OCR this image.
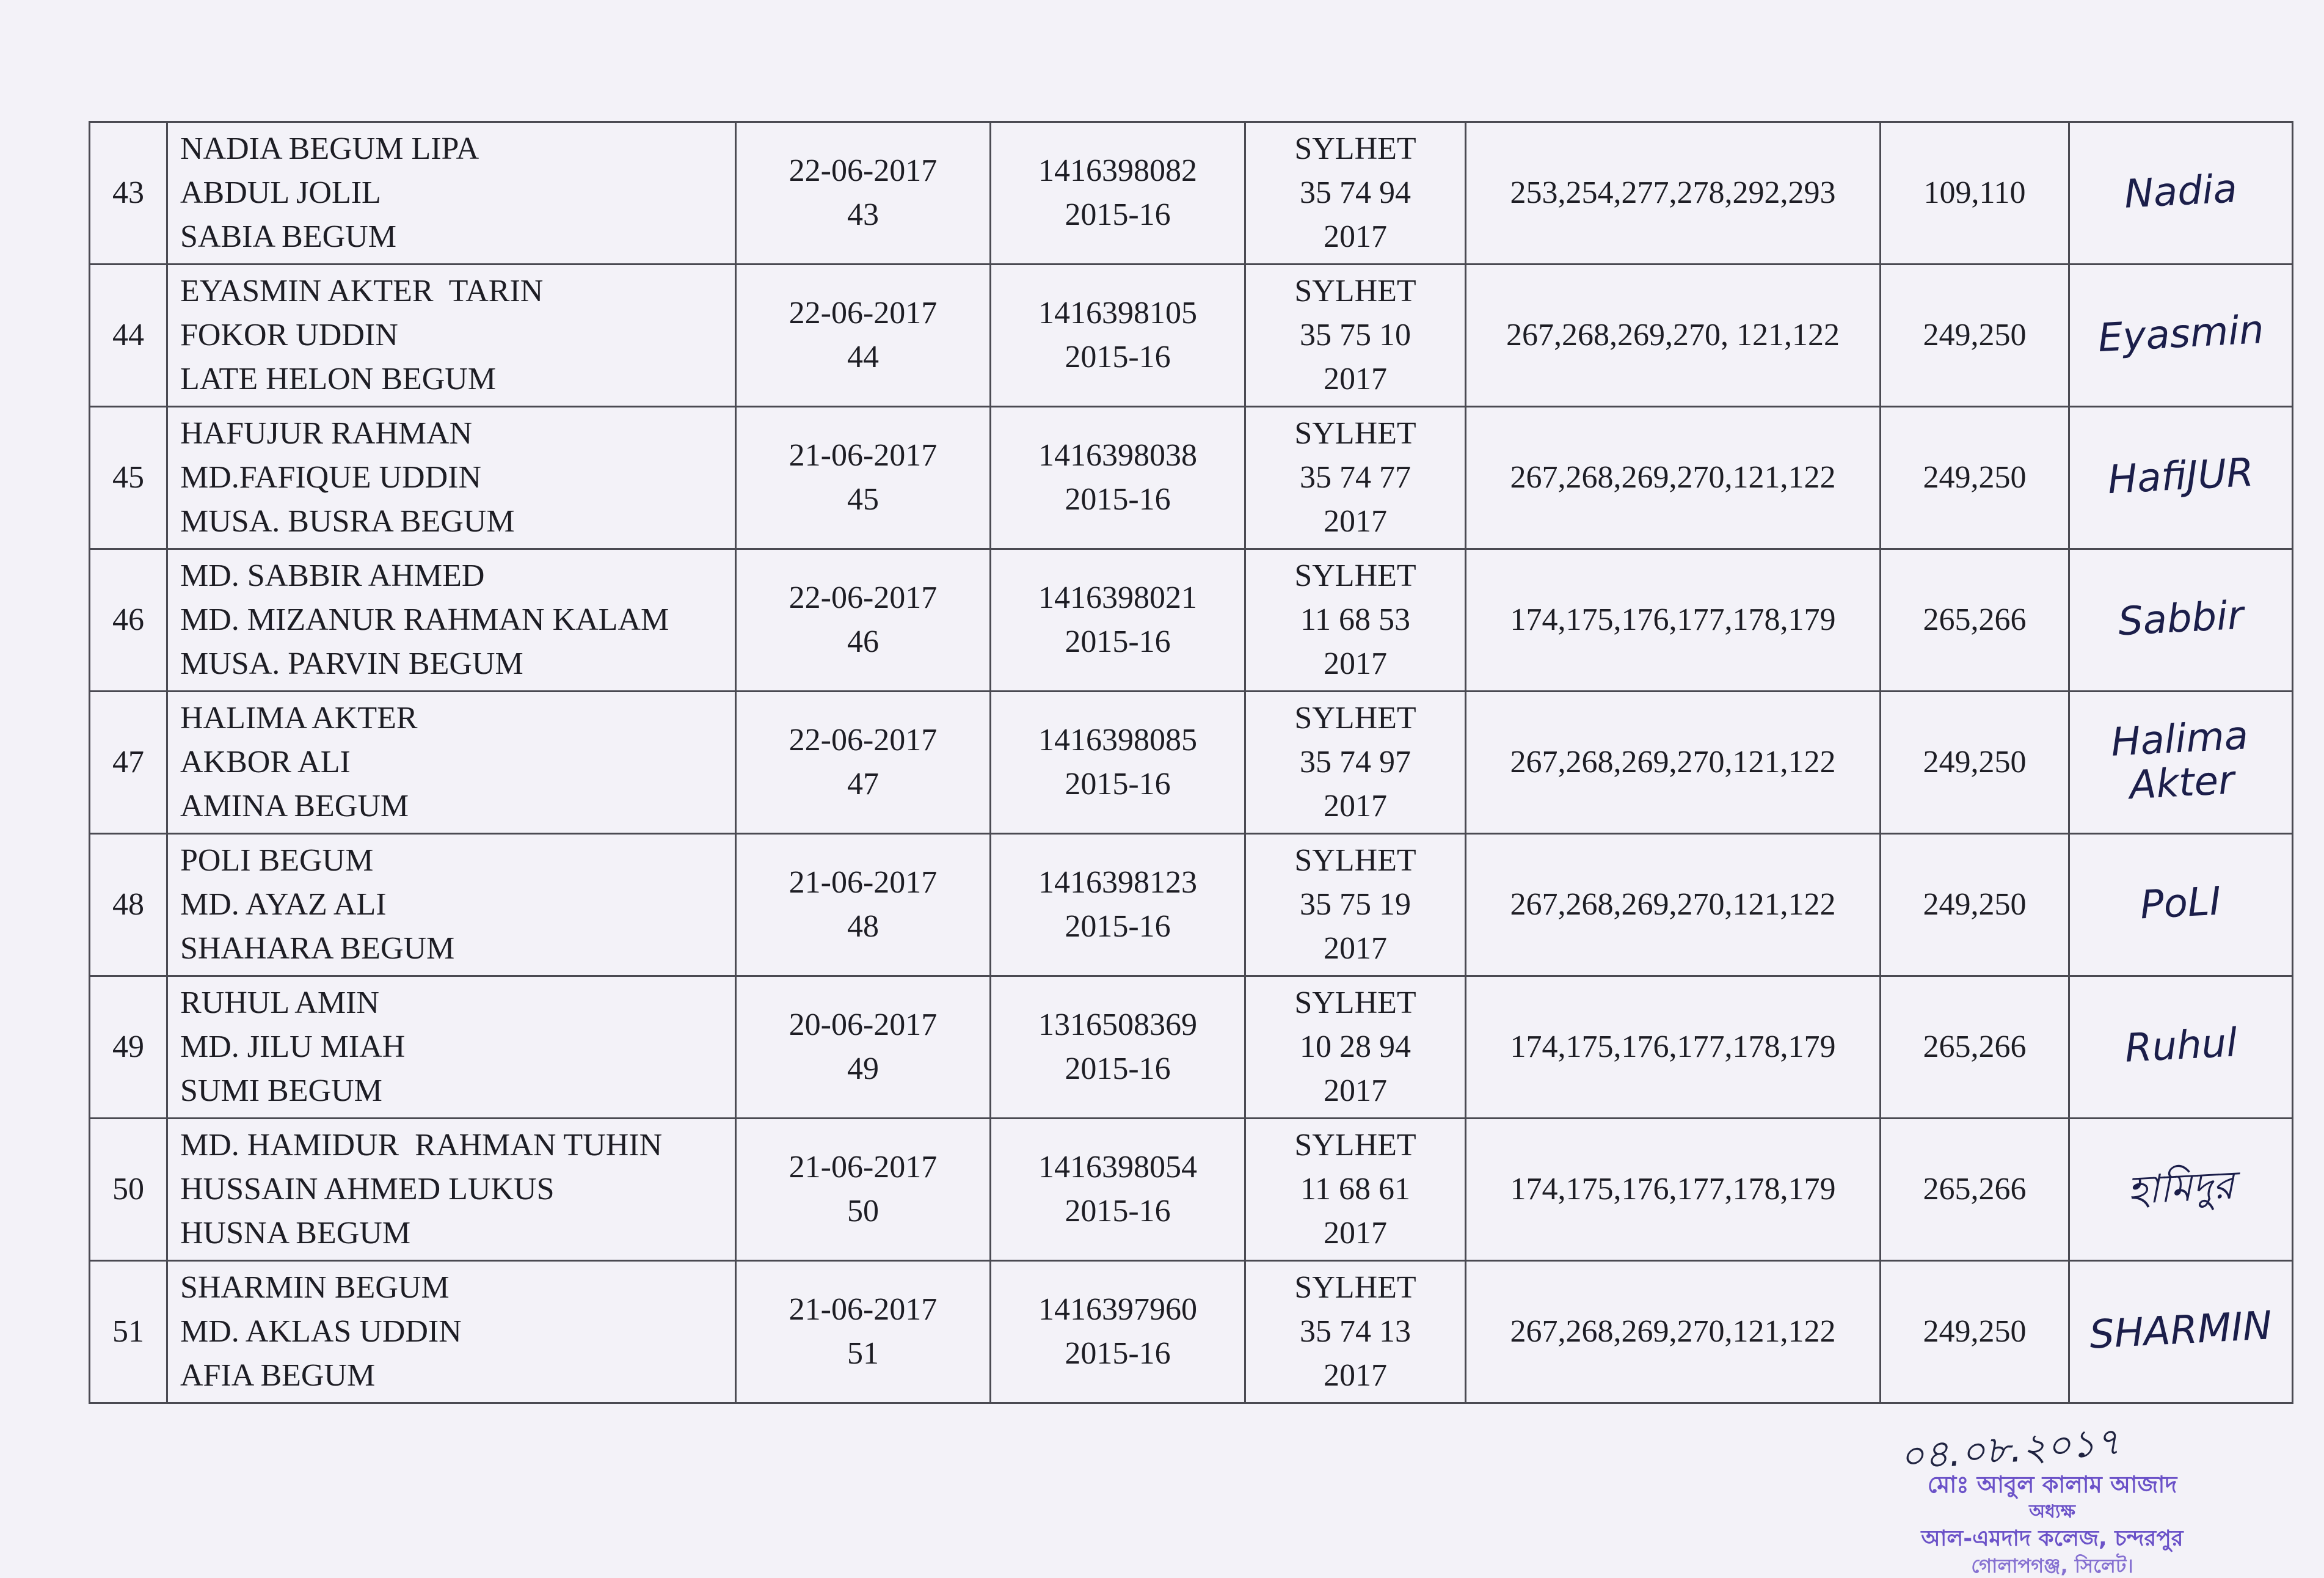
43	NADIA BEGUM LIPA
ABDUL JOLIL
SABIA BEGUM	22-06-2017
43	1416398082
2015-16	SYLHET
35 74 94
2017	253,254,277,278,292,293	109,110	Nadia

44	EYASMIN AKTER  TARIN
FOKOR UDDIN
LATE HELON BEGUM	22-06-2017
44	1416398105
2015-16	SYLHET
35 75 10
2017	267,268,269,270, 121,122	249,250	Eyasmin

45	HAFUJUR RAHMAN
MD.FAFIQUE UDDIN
MUSA. BUSRA BEGUM	21-06-2017
45	1416398038
2015-16	SYLHET
35 74 77
2017	267,268,269,270,121,122	249,250	HafiJUR

46	MD. SABBIR AHMED
MD. MIZANUR RAHMAN KALAM
MUSA. PARVIN BEGUM	22-06-2017
46	1416398021
2015-16	SYLHET
11 68 53
2017	174,175,176,177,178,179	265,266	Sabbir

47	HALIMA AKTER
AKBOR ALI
AMINA BEGUM	22-06-2017
47	1416398085
2015-16	SYLHET
35 74 97
2017	267,268,269,270,121,122	249,250	Halima Akter

48	POLI BEGUM
MD. AYAZ ALI
SHAHARA BEGUM	21-06-2017
48	1416398123
2015-16	SYLHET
35 75 19
2017	267,268,269,270,121,122	249,250	PoLI

49	RUHUL AMIN
MD. JILU MIAH
SUMI BEGUM	20-06-2017
49	1316508369
2015-16	SYLHET
10 28 94
2017	174,175,176,177,178,179	265,266	Ruhul

50	MD. HAMIDUR  RAHMAN TUHIN
HUSSAIN AHMED LUKUS
HUSNA BEGUM	21-06-2017
50	1416398054
2015-16	SYLHET
11 68 61
2017	174,175,176,177,178,179	265,266	হামিদুর

51	SHARMIN BEGUM
MD. AKLAS UDDIN
AFIA BEGUM	21-06-2017
51	1416397960
2015-16	SYLHET
35 74 13
2017	267,268,269,270,121,122	249,250	SHARMIN
০৪.০৮.২০১৭
মোঃ আবুল কালাম আজাদ
অধ্যক্ষ
আল-এমদাদ কলেজ, চন্দরপুর
গোলাপগঞ্জ, সিলেট।
